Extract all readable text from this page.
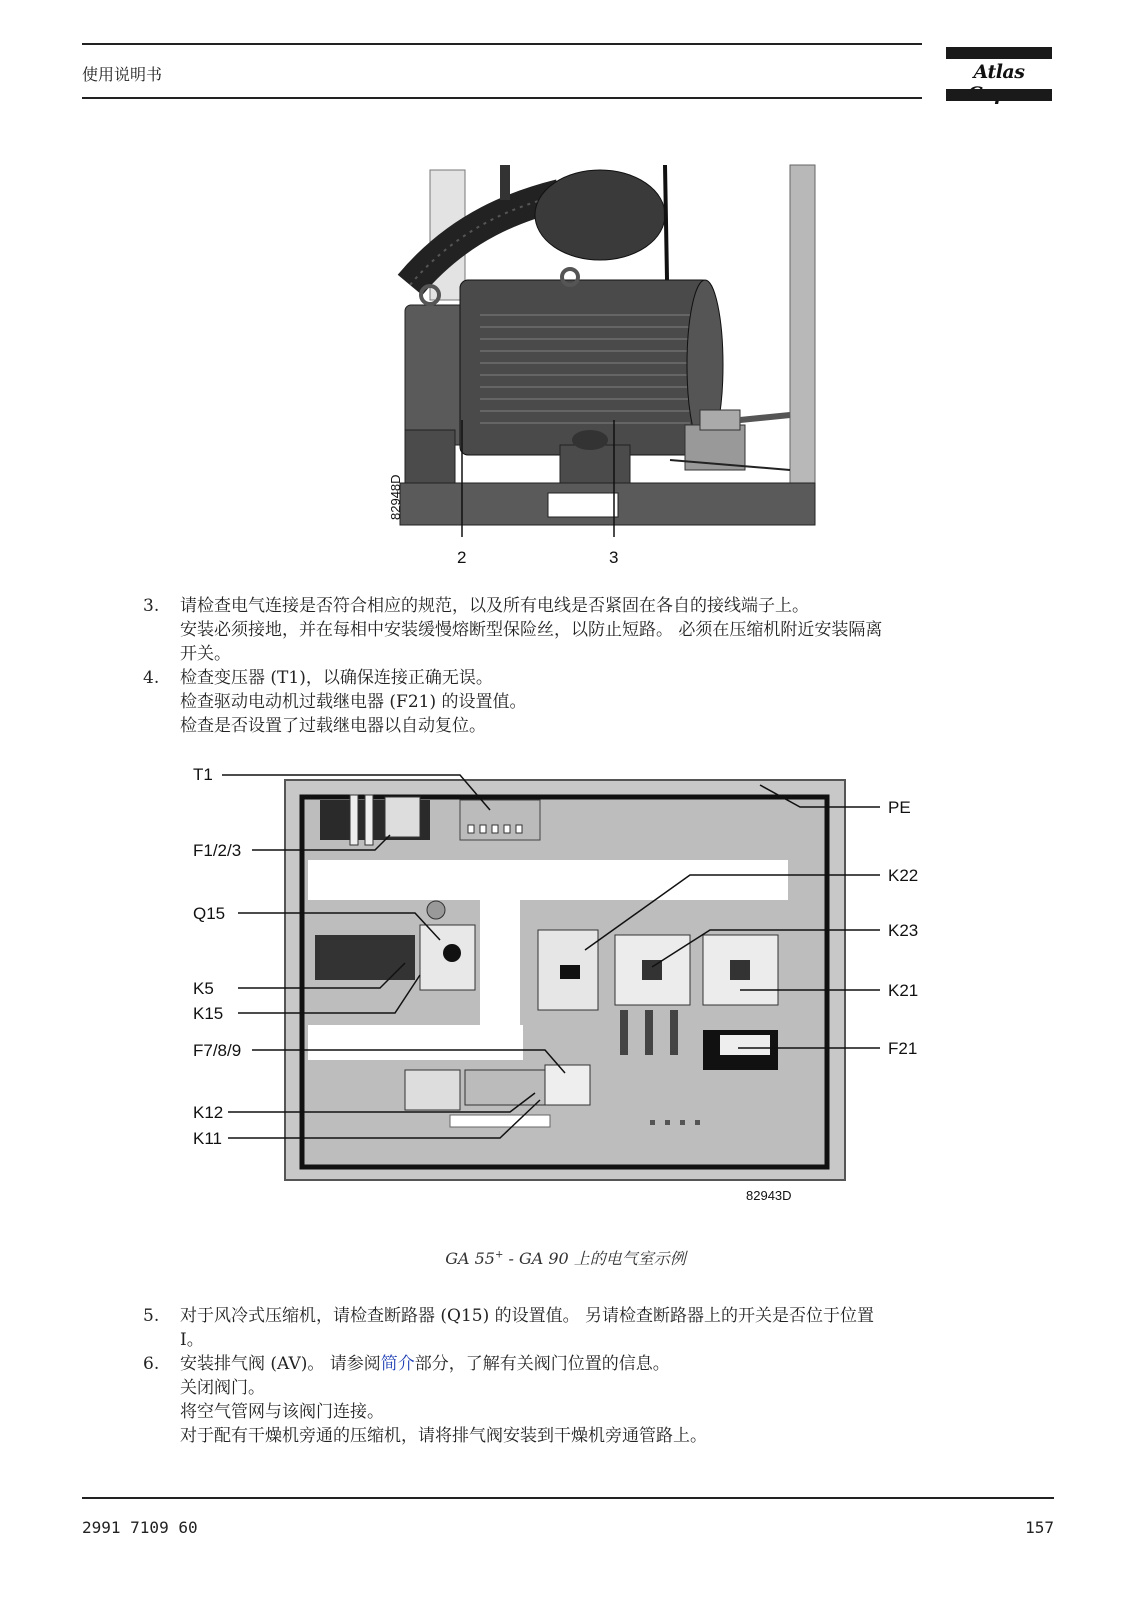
使用说明书	Atlas
82948D
2	3
3. 请检查电气连接是否符合相应的规范，以及所有电线是否紧固在各自的接线端子上。
安装必须接地，并在每相中安装缓慢熔断型保险丝，以防止短路。 必须在压缩机附近安装隔离
开关。
4. 检查变压器 (T1)，以确保连接正确无误。
检查驱动电动机过载继电器 (F21) 的设置值。
检查是否设置了过载继电器以自动复位。
T1
F1/2/3
Q15
K5
K15
F7/8/9
K12
K11
PE
K22
K23
K21
F21
82943D
GA 55+ - GA 90 上的电气室示例
5. 对于风冷式压缩机，请检查断路器 (Q15) 的设置值。 另请检查断路器上的开关是否位于位置
I。
6. 安装排气阀 (AV)。 请参阅简介部分，了解有关阀门位置的信息。
关闭阀门。
将空气管网与该阀门连接。
对于配有干燥机旁通的压缩机，请将排气阀安装到干燥机旁通管路上。
2991 7109 60	157
